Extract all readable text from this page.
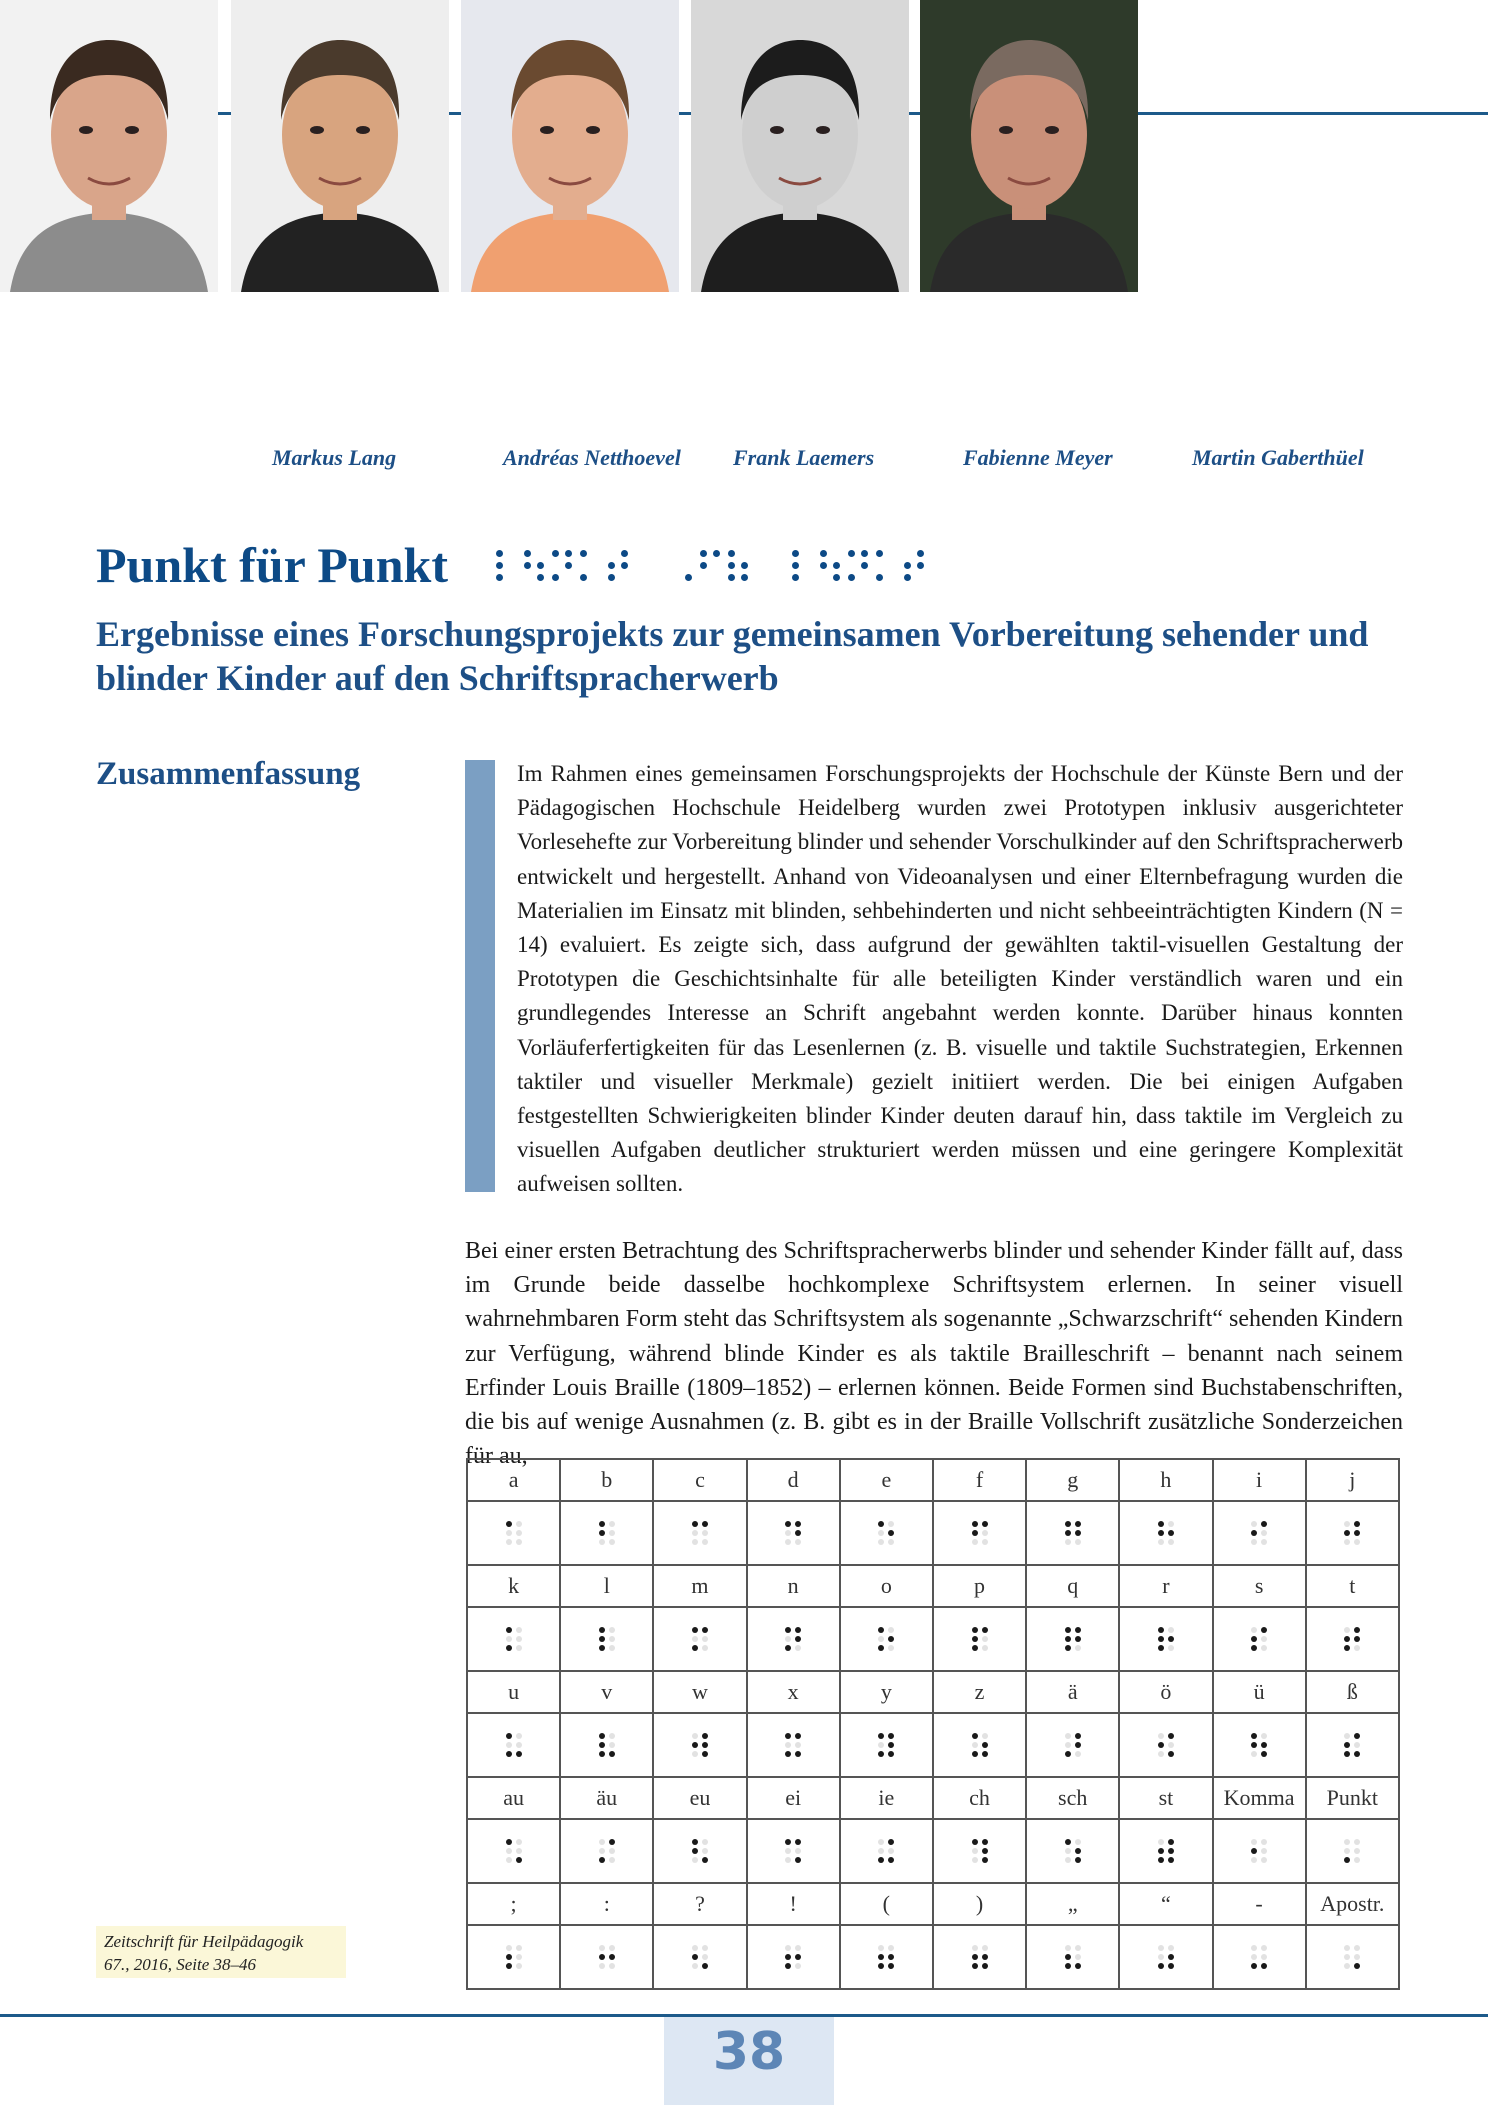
Punkt für Punkt
Ergebnisse eines Forschungsprojekts zur gemeinsamen Vorbereitung sehender und blinder Kinder auf den Schriftspracherwerb
Zusammenfassung	Im Rahmen eines gemeinsamen Forschungsprojekts der Hochschule der Künste Bern und der Pädagogischen Hochschule Heidelberg wurden zwei Prototypen inklusiv ausgerichteter Vorlesehefte zur Vorbereitung blinder und sehender Vorschulkinder auf den Schriftspracherwerb entwickelt und hergestellt. Anhand von Videoanalysen und einer Elternbefragung wurden die Materialien im Einsatz mit blinden, sehbehinderten und nicht sehbeeinträchtigten Kindern (N = 14) evaluiert. Es zeigte sich, dass aufgrund der gewählten taktil-visuellen Gestaltung der Prototypen die Geschichtsinhalte für alle beteiligten Kinder verständlich waren und ein grundlegendes Interesse an Schrift angebahnt werden konnte. Darüber hinaus konnten Vorläuferfertigkeiten für das Lesenlernen (z. B. visuelle und taktile Suchstrategien, Erkennen taktiler und visueller Merkmale) gezielt initiiert werden. Die bei einigen Aufgaben festgestellten Schwierigkeiten blinder Kinder deuten darauf hin, dass taktile im Vergleich zu visuellen Aufgaben deutlicher strukturiert werden müssen und eine geringere Komplexität aufweisen sollten.
Bei einer ersten Betrachtung des Schriftspracherwerbs blinder und sehender Kinder fällt auf, dass im Grunde beide dasselbe hochkomplexe Schriftsystem erlernen. In seiner visuell wahrnehmbaren Form steht das Schriftsystem als sogenannte „Schwarzschrift“ sehenden Kindern zur Verfügung, während blinde Kinder es als taktile Brailleschrift – benannt nach seinem Erfinder Louis Braille (1809–1852) – erlernen können. Beide Formen sind Buchstabenschriften, die bis auf wenige Ausnahmen (z. B. gibt es in der Braille Vollschrift zusätzliche Sonderzeichen für au,
a	b	c	d	e	f	g	h	i	j

k	l	m	n	o	p	q	r	s	t

u	v	w	x	y	z	ä	ö	ü	ß

au	äu	eu	ei	ie	ch	sch	st	Komma	Punkt

;	:	?	!	(	)	„	“	-	Apostr.

Zeitschrift für Heilpädagogik
67., 2016, Seite 38–46
38
Markus Lang	Andréas Netthoevel Frank Laemers	Fabienne Meyer	Martin Gaberthüel
